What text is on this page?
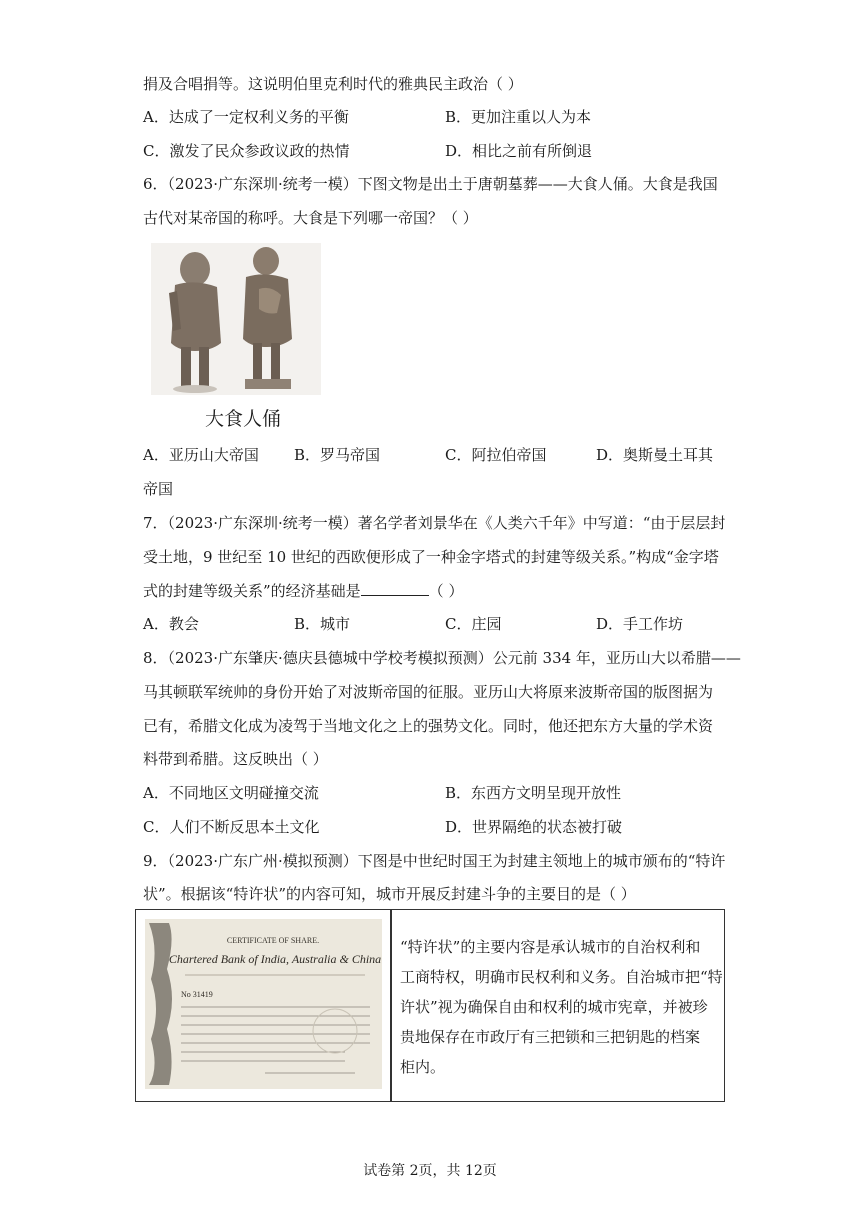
捐及合唱捐等。这说明伯里克利时代的雅典民主政治（ ）
A．达成了一定权利义务的平衡	B．更加注重以人为本
C．激发了民众参政议政的热情	D．相比之前有所倒退
6．（2023·广东深圳·统考一模）下图文物是出土于唐朝墓葬——大食人俑。大食是我国
古代对某帝国的称呼。大食是下列哪一帝国？（ ）
大食人俑
A．亚历山大帝国 B．罗马帝国	C．阿拉伯帝国	D．奥斯曼土耳其
帝国
7．（2023·广东深圳·统考一模）著名学者刘景华在《人类六千年》中写道：“由于层层封
受土地，9 世纪至 10 世纪的西欧便形成了一种金字塔式的封建等级关系。”构成“金字塔
式的封建等级关系”的经济基础是	（ ）
A．教会	B．城市	C．庄园	D．手工作坊
8．（2023·广东肇庆·德庆县德城中学校考模拟预测）公元前 334 年，亚历山大以希腊——
马其顿联军统帅的身份开始了对波斯帝国的征服。亚历山大将原来波斯帝国的版图据为
已有，希腊文化成为凌驾于当地文化之上的强势文化。同时，他还把东方大量的学术资
料带到希腊。这反映出（ ）
A．不同地区文明碰撞交流	B．东西方文明呈现开放性
C．人们不断反思本土文化	D．世界隔绝的状态被打破
9．（2023·广东广州·模拟预测）下图是中世纪时国王为封建主领地上的城市颁布的“特许
状”。根据该“特许状”的内容可知，城市开展反封建斗争的主要目的是（ ）
CERTIFICATE OF SHARE.
Chartered Bank of India, Australia & China
No 31419
“特许状”的主要内容是承认城市的自治权利和
工商特权，明确市民权利和义务。自治城市把“特
许状”视为确保自由和权利的城市宪章，并被珍
贵地保存在市政厅有三把锁和三把钥匙的档案
柜内。
试卷第 2页，共 12页
